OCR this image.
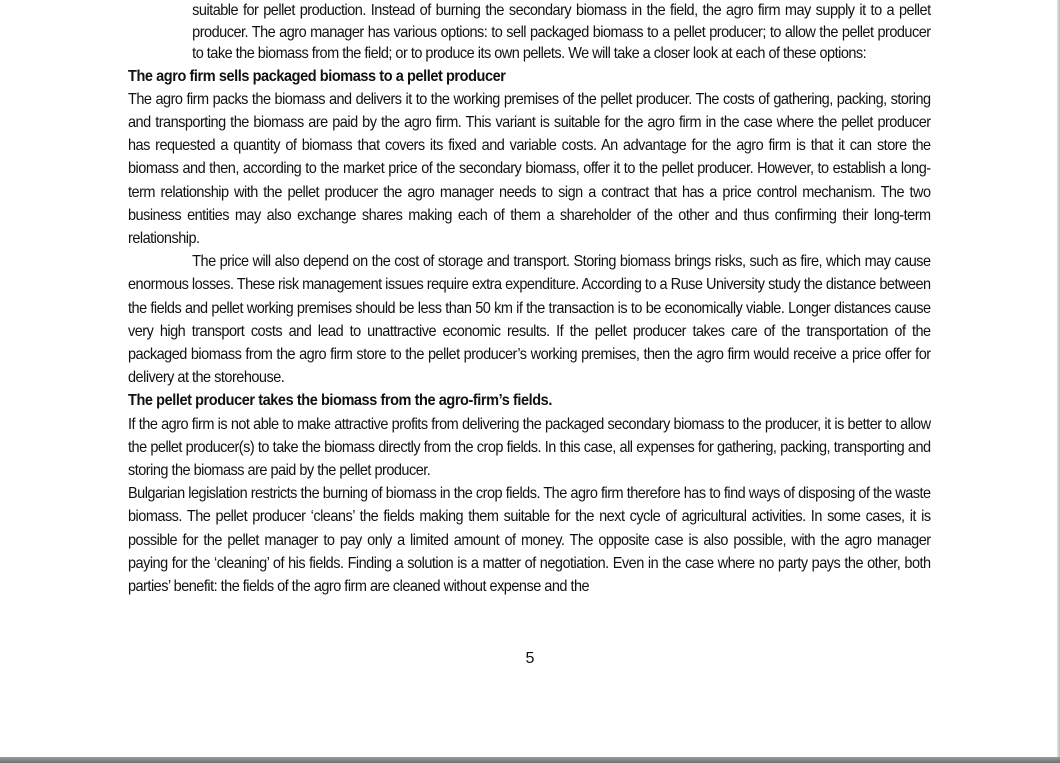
suitable for pellet production. Instead of burning the secondary biomass in the field, the agro firm may supply it to a pellet producer. The agro manager has various options: to sell packaged biomass to a pellet producer; to allow the pellet producer to take the biomass from the field; or to produce its own pellets. We will take a closer look at each of these options:

The agro firm sells packaged biomass to a pellet producer

The agro firm packs the biomass and delivers it to the working premises of the pellet producer. The costs of gathering, packing, storing and transporting the biomass are paid by the agro firm. This variant is suitable for the agro firm in the case where the pellet producer has requested a quantity of biomass that covers its fixed and variable costs. An advantage for the agro firm is that it can store the biomass and then, according to the market price of the secondary biomass, offer it to the pellet producer. However, to establish a long-term relationship with the pellet producer the agro manager needs to sign a contract that has a price control mechanism. The two business entities may also exchange shares making each of them a shareholder of the other and thus confirming their long-term relationship.

The price will also depend on the cost of storage and transport. Storing biomass brings risks, such as fire, which may cause enormous losses. These risk management issues require extra expenditure. According to a Ruse University study the distance between the fields and pellet working premises should be less than 50 km if the transaction is to be economically viable. Longer distances cause very high transport costs and lead to unattractive economic results. If the pellet producer takes care of the transportation of the packaged biomass from the agro firm store to the pellet producer’s working premises, then the agro firm would receive a price offer for delivery at the storehouse.

The pellet producer takes the biomass from the agro-firm’s fields.

If the agro firm is not able to make attractive profits from delivering the packaged secondary biomass to the producer, it is better to allow the pellet producer(s) to take the biomass directly from the crop fields. In this case, all expenses for gathering, packing, transporting and storing the biomass are paid by the pellet producer.

Bulgarian legislation restricts the burning of biomass in the crop fields. The agro firm therefore has to find ways of disposing of the waste biomass. The pellet producer ‘cleans’ the fields making them suitable for the next cycle of agricultural activities. In some cases, it is possible for the pellet manager to pay only a limited amount of money. The opposite case is also possible, with the agro manager paying for the ‘cleaning’ of his fields. Finding a solution is a matter of negotiation. Even in the case where no party pays the other, both parties’ benefit: the fields of the agro firm are cleaned without expense and the

5
